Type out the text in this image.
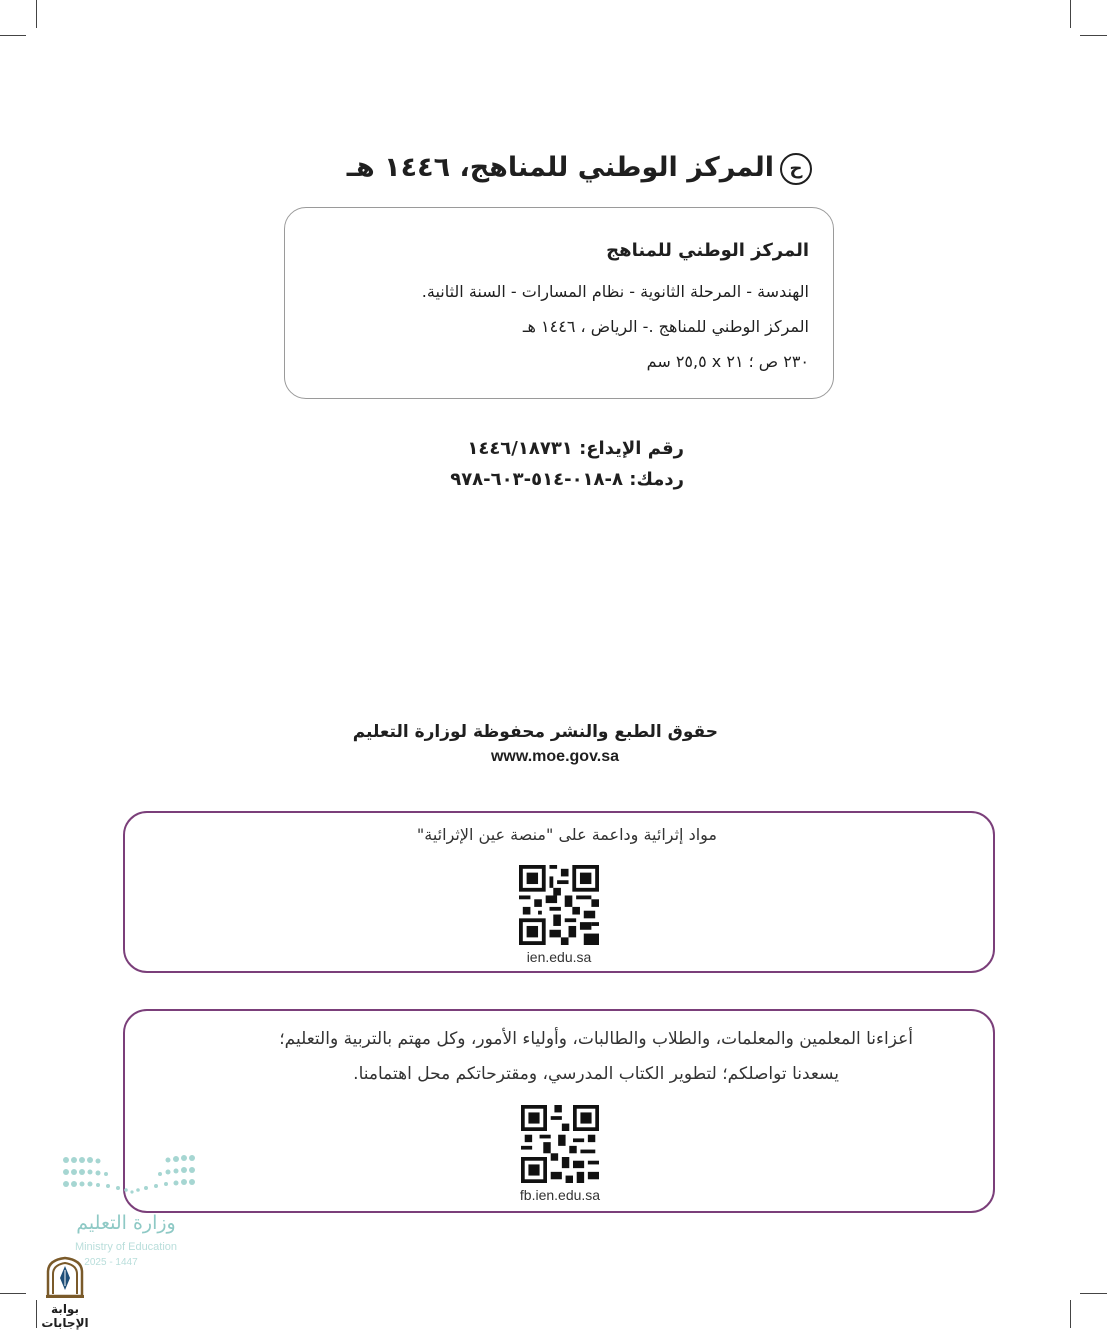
حالمركز الوطني للمناهج، ١٤٤٦ هـ
المركز الوطني للمناهج
الهندسة - المرحلة الثانوية - نظام المسارات - السنة الثانية.
المركز الوطني للمناهج .- الرياض ، ١٤٤٦ هـ
٢٣٠ ص ؛ ٢١ x ٢٥,٥ سم
رقم الإيداع: ١٤٤٦/١٨٧٣١
ردمك: ٨-٠١٨-٥١٤-٦٠٣-٩٧٨
حقوق الطبع والنشر محفوظة لوزارة التعليم
www.moe.gov.sa
مواد إثرائية وداعمة على "منصة عين الإثرائية"
ien.edu.sa
أعزاءنا المعلمين والمعلمات، والطلاب والطالبات، وأولياء الأمور، وكل مهتم بالتربية والتعليم؛
يسعدنا تواصلكم؛ لتطوير الكتاب المدرسي، ومقترحاتكم محل اهتمامنا.
fb.ien.edu.sa
وزارة التعليم
Ministry of Education
2025 - 1447
بوابة الإجابات
